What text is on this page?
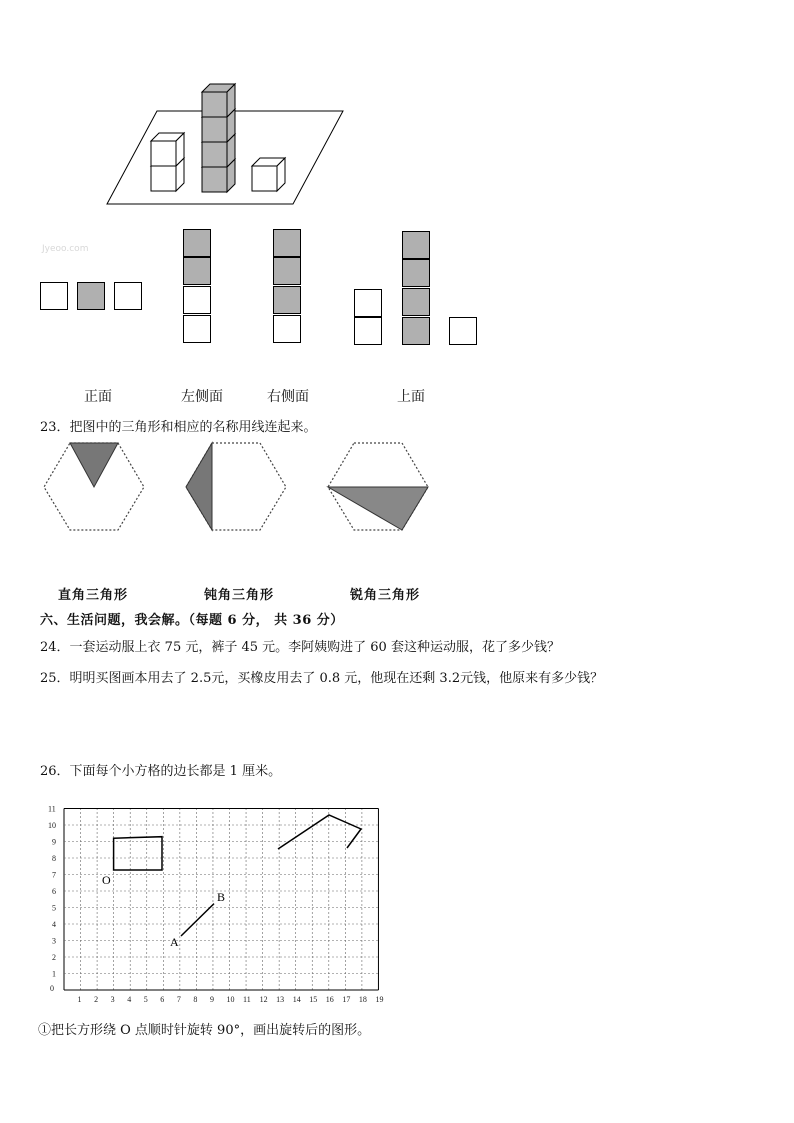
Jyeoo.com
正面	左侧面	右侧面	上面
23．把图中的三角形和相应的名称用线连起来。
直角三角形	钝角三角形	锐角三角形
六、生活问题，我会解。（每题 6 分， 共 36 分）
24．一套运动服上衣 75 元，裤子 45 元。李阿姨购进了 60 套这种运动服，花了多少钱？
25．明明买图画本用去了 2.5元，买橡皮用去了 0.8 元，他现在还剩 3.2元钱，他原来有多少钱？
26．下面每个小方格的边长都是 1 厘米。
0
1 2 3 4 5 6 7 8 9 10 11 12 13 14 15 16 17 18 19
1
2
3
4
5
6
7
8
9
10
11
O
A
B
①把长方形绕 O 点顺时针旋转 90°，画出旋转后的图形。
